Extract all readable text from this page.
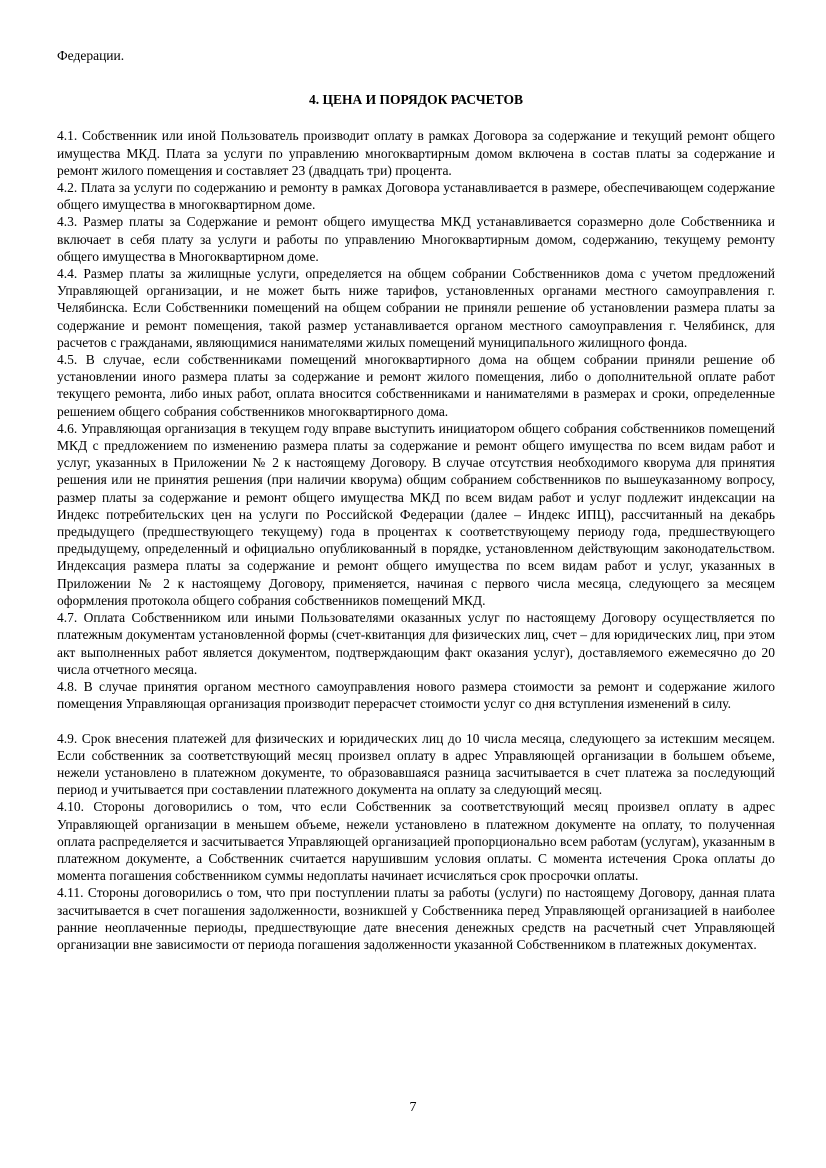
Федерации.

4. ЦЕНА И ПОРЯДОК РАСЧЕТОВ

4.1. Собственник или иной Пользователь производит оплату в рамках Договора за содержание и текущий ремонт общего имущества МКД. Плата за услуги по управлению многоквартирным домом включена в состав платы за содержание и ремонт жилого помещения и составляет 23 (двадцать три) процента.

4.2. Плата за услуги по содержанию и ремонту в рамках Договора устанавливается в размере, обеспечивающем содержание общего имущества в многоквартирном доме.

4.3. Размер платы за Содержание и ремонт общего имущества МКД устанавливается соразмерно доле Собственника и включает в себя плату за услуги и работы по управлению Многоквартирным домом, содержанию, текущему ремонту общего имущества в Многоквартирном доме.

4.4. Размер платы за жилищные услуги, определяется на общем собрании Собственников дома с учетом предложений Управляющей организации, и не может быть ниже тарифов, установленных органами местного самоуправления г. Челябинска. Если Собственники помещений на общем собрании не приняли решение об установлении размера платы за содержание и ремонт помещения, такой размер устанавливается органом местного самоуправления г. Челябинск, для расчетов с гражданами, являющимися нанимателями жилых помещений муниципального жилищного фонда.

4.5. В случае, если собственниками помещений многоквартирного дома на общем собрании приняли решение об установлении иного размера платы за содержание и ремонт жилого помещения, либо о дополнительной оплате работ текущего ремонта, либо иных работ, оплата вносится собственниками и нанимателями в размерах и сроки, определенные решением общего собрания собственников многоквартирного дома.

4.6. Управляющая организация в текущем году вправе выступить инициатором общего собрания собственников помещений МКД с предложением по изменению размера платы за содержание и ремонт общего имущества по всем видам работ и услуг, указанных в Приложении № 2 к настоящему Договору. В случае отсутствия необходимого кворума для принятия решения или не принятия решения (при наличии кворума) общим собранием собственников по вышеуказанному вопросу, размер платы за содержание и ремонт общего имущества МКД по всем видам работ и услуг подлежит индексации на Индекс потребительских цен на услуги по Российской Федерации (далее – Индекс ИПЦ), рассчитанный на декабрь предыдущего (предшествующего текущему) года в процентах к соответствующему периоду года, предшествующего предыдущему, определенный и официально опубликованный в порядке, установленном действующим законодательством. Индексация размера платы за содержание и ремонт общего имущества по всем видам работ и услуг, указанных в Приложении № 2 к настоящему Договору, применяется, начиная с первого числа месяца, следующего за месяцем оформления протокола общего собрания собственников помещений МКД.

4.7. Оплата Собственником или иными Пользователями оказанных услуг по настоящему Договору осуществляется по платежным документам установленной формы (счет-квитанция для физических лиц, счет – для юридических лиц, при этом акт выполненных работ является документом, подтверждающим факт оказания услуг), доставляемого ежемесячно до 20 числа отчетного месяца.

4.8. В случае принятия органом местного самоуправления нового размера стоимости за ремонт и содержание жилого помещения Управляющая организация производит перерасчет стоимости услуг со дня вступления изменений в силу.

4.9. Срок внесения платежей для физических и юридических лиц до 10 числа месяца, следующего за истекшим месяцем. Если собственник за соответствующий месяц произвел оплату в адрес Управляющей организации в большем объеме, нежели установлено в платежном документе, то образовавшаяся разница засчитывается в счет платежа за последующий период и учитывается при составлении платежного документа на оплату за следующий месяц.

4.10. Стороны договорились о том, что если Собственник за соответствующий месяц произвел оплату в адрес Управляющей организации в меньшем объеме, нежели установлено в платежном документе на оплату, то полученная оплата распределяется и засчитывается Управляющей организацией пропорционально всем работам (услугам), указанным в платежном документе, а Собственник считается нарушившим условия оплаты. С момента истечения Срока оплаты до момента погашения собственником суммы недоплаты начинает исчисляться срок просрочки оплаты.

4.11. Стороны договорились о том, что при поступлении платы за работы (услуги) по настоящему Договору, данная плата засчитывается в счет погашения задолженности, возникшей у Собственника перед Управляющей организацией в наиболее ранние неоплаченные периоды, предшествующие дате внесения денежных средств на расчетный счет Управляющей организации вне зависимости от периода погашения задолженности указанной Собственником в платежных документах.

7
